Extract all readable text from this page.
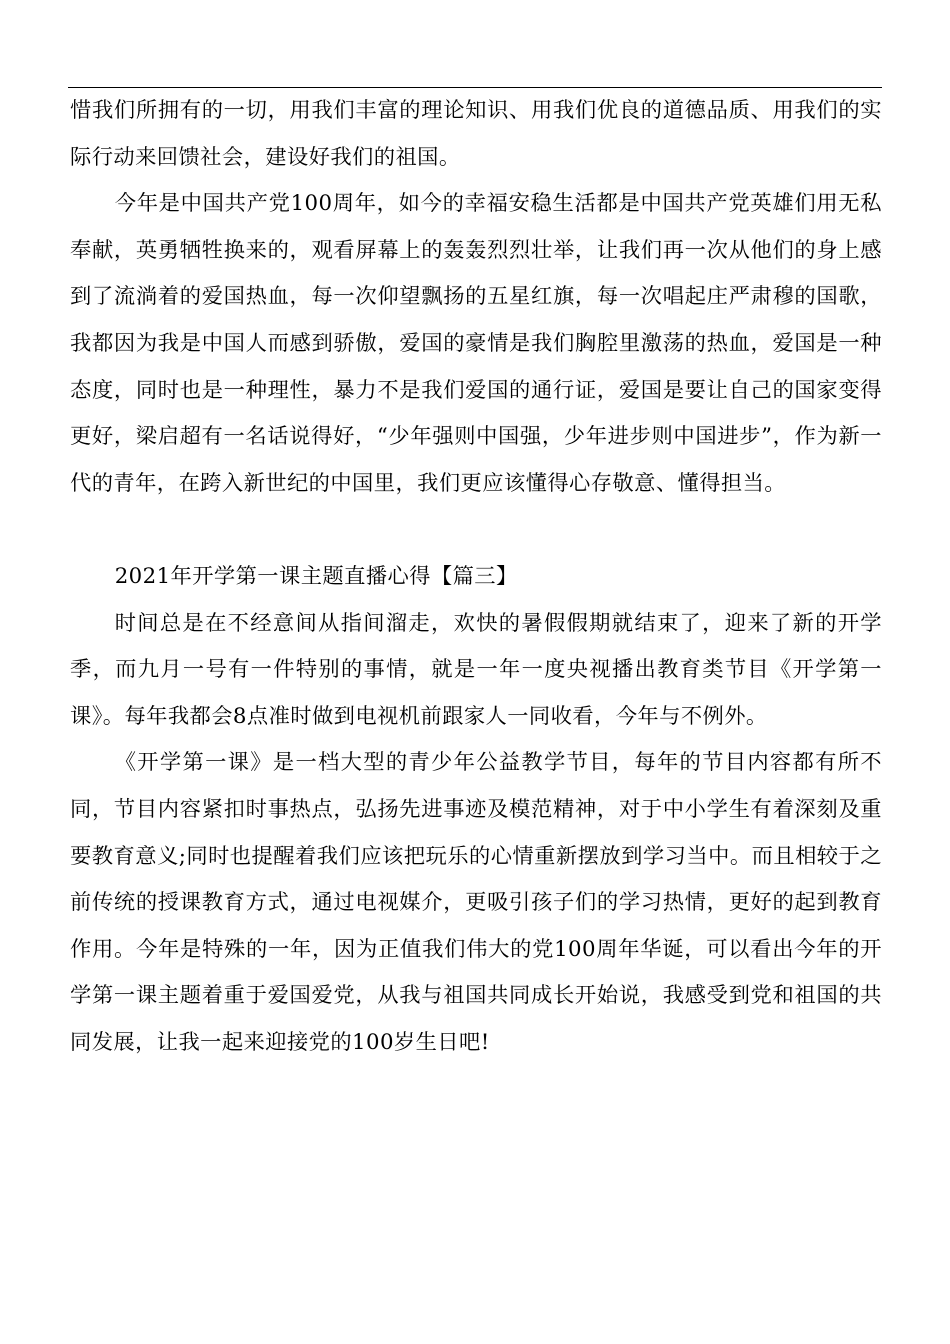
惜我们所拥有的一切，用我们丰富的理论知识、用我们优良的道德品质、用我们的实际行动来回馈社会，建设好我们的祖国。

今年是中国共产党100周年，如今的幸福安稳生活都是中国共产党英雄们用无私奉献，英勇牺牲换来的，观看屏幕上的轰轰烈烈壮举，让我们再一次从他们的身上感到了流淌着的爱国热血，每一次仰望飘扬的五星红旗，每一次唱起庄严肃穆的国歌，我都因为我是中国人而感到骄傲，爱国的豪情是我们胸腔里激荡的热血，爱国是一种态度，同时也是一种理性，暴力不是我们爱国的通行证，爱国是要让自己的国家变得更好，梁启超有一名话说得好，“少年强则中国强，少年进步则中国进步”，作为新一代的青年，在跨入新世纪的中国里，我们更应该懂得心存敬意、懂得担当。

2021年开学第一课主题直播心得【篇三】

时间总是在不经意间从指间溜走，欢快的暑假假期就结束了，迎来了新的开学季，而九月一号有一件特别的事情，就是一年一度央视播出教育类节目《开学第一课》。每年我都会8点准时做到电视机前跟家人一同收看，今年与不例外。

《开学第一课》是一档大型的青少年公益教学节目，每年的节目内容都有所不同，节目内容紧扣时事热点，弘扬先进事迹及模范精神，对于中小学生有着深刻及重要教育意义;同时也提醒着我们应该把玩乐的心情重新摆放到学习当中。而且相较于之前传统的授课教育方式，通过电视媒介，更吸引孩子们的学习热情，更好的起到教育作用。今年是特殊的一年，因为正值我们伟大的党100周年华诞，可以看出今年的开学第一课主题着重于爱国爱党，从我与祖国共同成长开始说，我感受到党和祖国的共同发展，让我一起来迎接党的100岁生日吧!
